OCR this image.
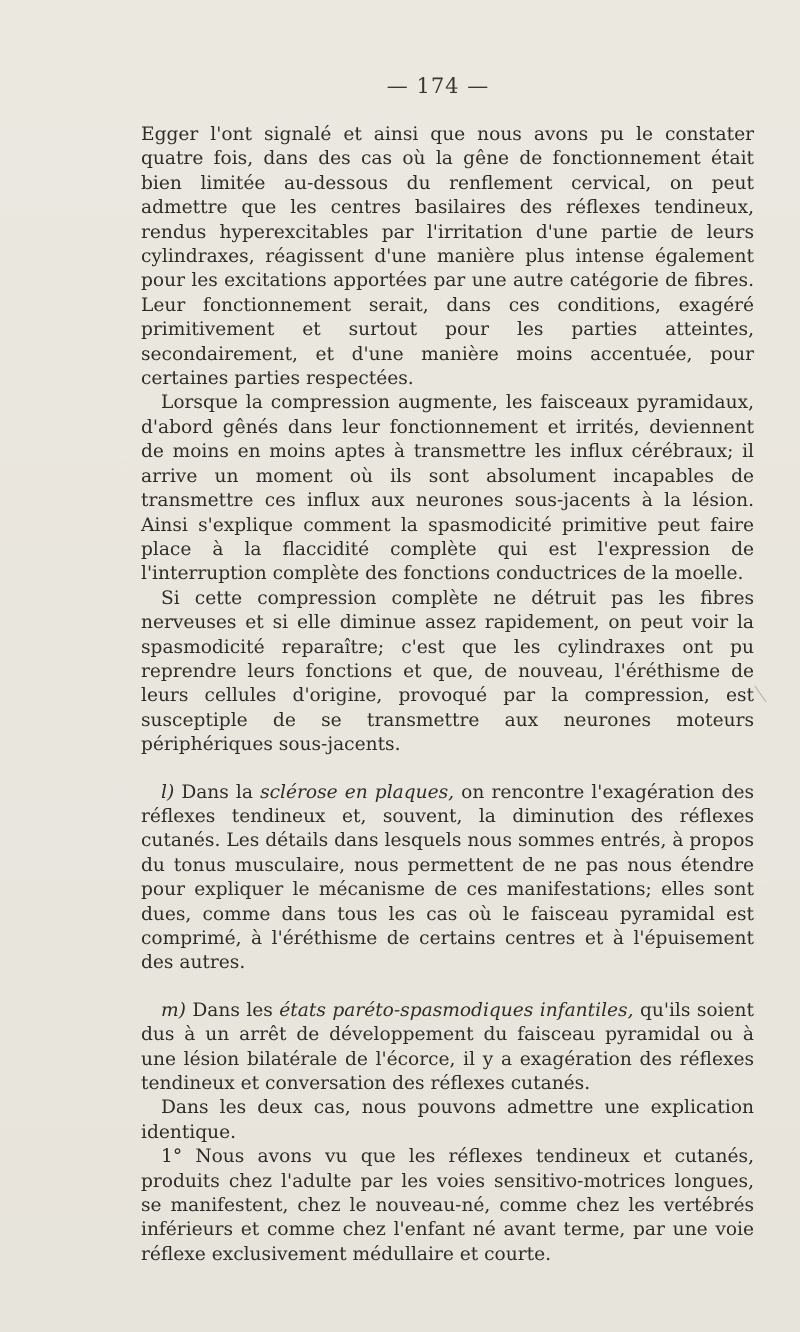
— 174 —

Egger l'ont signalé et ainsi que nous avons pu le constater quatre fois, dans des cas où la gêne de fonctionnement était bien limitée au-dessous du renflement cervical, on peut admettre que les centres basilaires des réflexes tendineux, rendus hyperexcitables par l'irritation d'une partie de leurs cylindraxes, réagissent d'une manière plus intense également pour les excitations apportées par une autre catégorie de fibres. Leur fonctionnement serait, dans ces conditions, exagéré primitivement et surtout pour les parties atteintes, secondairement, et d'une manière moins accentuée, pour certaines parties respectées.

Lorsque la compression augmente, les faisceaux pyramidaux, d'abord gênés dans leur fonctionnement et irrités, deviennent de moins en moins aptes à transmettre les influx cérébraux; il arrive un moment où ils sont absolument incapables de transmettre ces influx aux neurones sous-jacents à la lésion. Ainsi s'explique comment la spasmodicité primitive peut faire place à la flaccidité complète qui est l'expression de l'interruption complète des fonctions conductrices de la moelle.

Si cette compression complète ne détruit pas les fibres nerveuses et si elle diminue assez rapidement, on peut voir la spasmodicité reparaître; c'est que les cylindraxes ont pu reprendre leurs fonctions et que, de nouveau, l'éréthisme de leurs cellules d'origine, provoqué par la compression, est susceptiple de se transmettre aux neurones moteurs périphériques sous-jacents.

l) Dans la sclérose en plaques, on rencontre l'exagération des réflexes tendineux et, souvent, la diminution des réflexes cutanés. Les détails dans lesquels nous sommes entrés, à propos du tonus musculaire, nous permettent de ne pas nous étendre pour expliquer le mécanisme de ces manifestations; elles sont dues, comme dans tous les cas où le faisceau pyramidal est comprimé, à l'éréthisme de certains centres et à l'épuisement des autres.

m) Dans les états paréto-spasmodiques infantiles, qu'ils soient dus à un arrêt de développement du faisceau pyramidal ou à une lésion bilatérale de l'écorce, il y a exagération des réflexes tendineux et conversation des réflexes cutanés.

Dans les deux cas, nous pouvons admettre une explication identique.

1° Nous avons vu que les réflexes tendineux et cutanés, produits chez l'adulte par les voies sensitivo-motrices longues, se manifestent, chez le nouveau-né, comme chez les vertébrés inférieurs et comme chez l'enfant né avant terme, par une voie réflexe exclusivement médullaire et courte.
